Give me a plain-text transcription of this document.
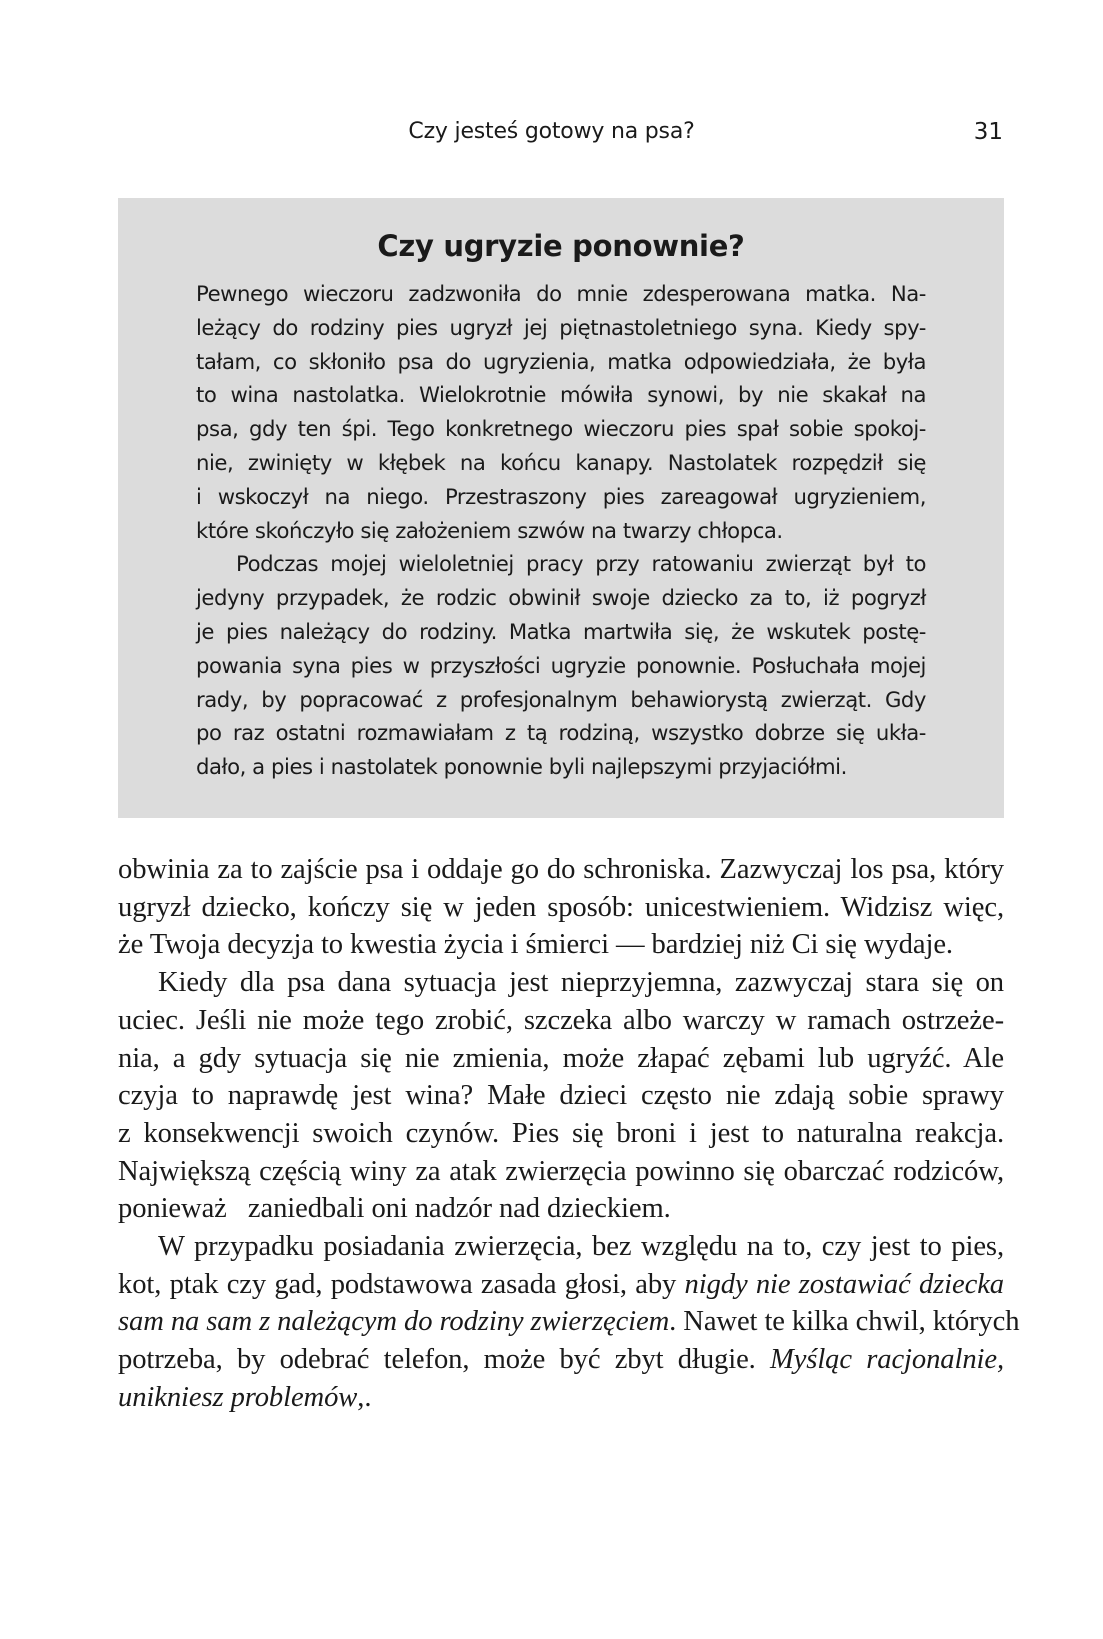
Czy jesteś gotowy na psa?	31
Czy ugryzie ponownie?

Pewnego wieczoru zadzwoniła do mnie zdesperowana matka. Na-
leżący do rodziny pies ugryzł jej piętnastoletniego syna. Kiedy spy-
tałam, co skłoniło psa do ugryzienia, matka odpowiedziała, że była
to wina nastolatka. Wielokrotnie mówiła synowi, by nie skakał na
psa, gdy ten śpi. Tego konkretnego wieczoru pies spał sobie spokoj-
nie, zwinięty w kłębek na końcu kanapy. Nastolatek rozpędził się
i wskoczył na niego. Przestraszony pies zareagował ugryzieniem,
które skończyło się założeniem szwów na twarzy chłopca.

Podczas mojej wieloletniej pracy przy ratowaniu zwierząt był to
jedyny przypadek, że rodzic obwinił swoje dziecko za to, iż pogryzł
je pies należący do rodziny. Matka martwiła się, że wskutek postę-
powania syna pies w przyszłości ugryzie ponownie. Posłuchała mojej
rady, by popracować z profesjonalnym behawiorystą zwierząt. Gdy
po raz ostatni rozmawiałam z tą rodziną, wszystko dobrze się ukła-
dało, a pies i nastolatek ponownie byli najlepszymi przyjaciółmi.

obwinia za to zajście psa i oddaje go do schroniska. Zazwyczaj los psa, który
ugryzł dziecko, kończy się w jeden sposób: unicestwieniem. Widzisz więc,
że Twoja decyzja to kwestia życia i śmierci — bardziej niż Ci się wydaje.

Kiedy dla psa dana sytuacja jest nieprzyjemna, zazwyczaj stara się on
uciec. Jeśli nie może tego zrobić, szczeka albo warczy w ramach ostrzeże-
nia, a gdy sytuacja się nie zmienia, może złapać zębami lub ugryźć. Ale
czyja to naprawdę jest wina? Małe dzieci często nie zdają sobie sprawy
z konsekwencji swoich czynów. Pies się broni i jest to naturalna reakcja.
Największą częścią winy za atak zwierzęcia powinno się obarczać rodziców,
ponieważ   zaniedbali oni nadzór nad dzieckiem.

W przypadku posiadania zwierzęcia, bez względu na to, czy jest to pies,
kot, ptak czy gad, podstawowa zasada głosi, aby nigdy nie zostawiać dziecka
sam na sam z należącym do rodziny zwierzęciem. Nawet te kilka chwil, których
potrzeba, by odebrać telefon, może być zbyt długie. Myśląc racjonalnie,
unikniesz problemów,.
